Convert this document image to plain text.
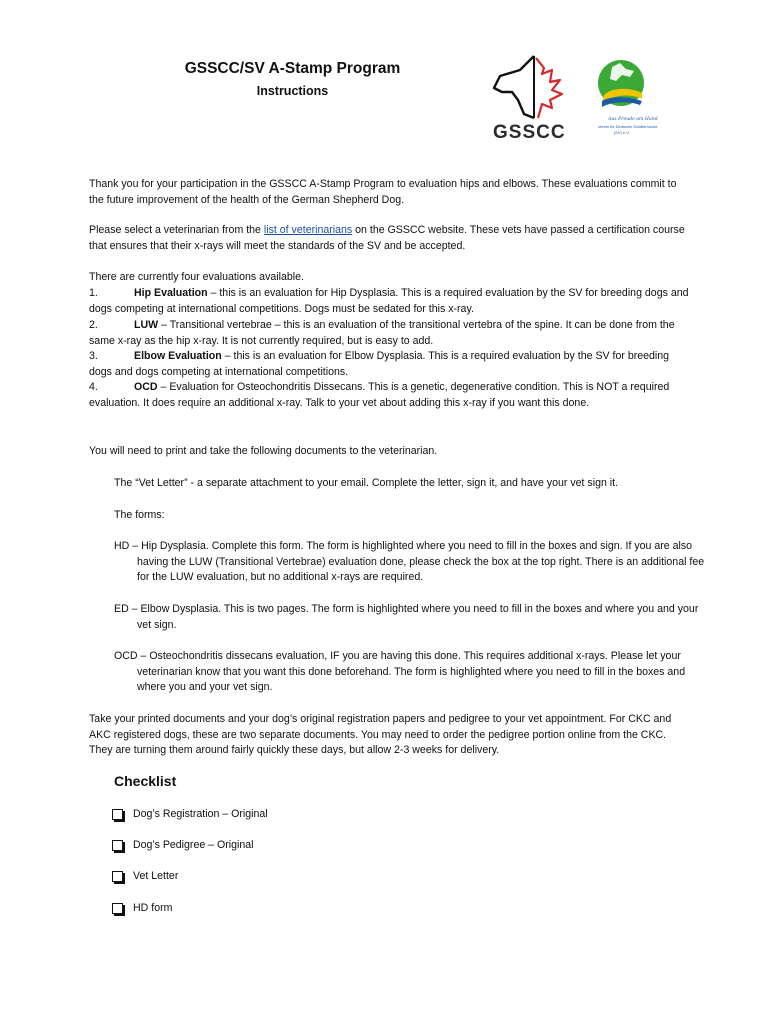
GSSCC/SV A-Stamp Program
Instructions
GSSCC
Aus Freude am Hund
Verein für Deutsche Schäferhunde
(SV) e.V.
Thank you for your participation in the GSSCC A-Stamp Program to evaluation hips and elbows. These evaluations commit to the future improvement of the health of the German Shepherd Dog.
Please select a veterinarian from the list of veterinarians on the GSSCC website. These vets have passed a certification course that ensures that their x-rays will meet the standards of the SV and be accepted.
There are currently four evaluations available.
1.	Hip Evaluation – this is an evaluation for Hip Dysplasia. This is a required evaluation by the SV for breeding dogs and dogs competing at international competitions. Dogs must be sedated for this x-ray.
2.	LUW – Transitional vertebrae – this is an evaluation of the transitional vertebra of the spine. It can be done from the same x-ray as the hip x-ray. It is not currently required, but is easy to add.
3.	Elbow Evaluation – this is an evaluation for Elbow Dysplasia. This is a required evaluation by the SV for breeding dogs and dogs competing at international competitions.
4.	OCD – Evaluation for Osteochondritis Dissecans. This is a genetic, degenerative condition. This is NOT a required evaluation. It does require an additional x-ray. Talk to your vet about adding this x-ray if you want this done.
You will need to print and take the following documents to the veterinarian.
The “Vet Letter” - a separate attachment to your email. Complete the letter, sign it, and have your vet sign it.
The forms:
HD – Hip Dysplasia. Complete this form. The form is highlighted where you need to fill in the boxes and sign. If you are also having the LUW (Transitional Vertebrae) evaluation done, please check the box at the top right. There is an additional fee for the LUW evaluation, but no additional x-rays are required.
ED – Elbow Dysplasia. This is two pages. The form is highlighted where you need to fill in the boxes and where you and your vet sign.
OCD – Osteochondritis dissecans evaluation, IF you are having this done. This requires additional x-rays. Please let your veterinarian know that you want this done beforehand. The form is highlighted where you need to fill in the boxes and where you and your vet sign.
Take your printed documents and your dog’s original registration papers and pedigree to your vet appointment. For CKC and AKC registered dogs, these are two separate documents. You may need to order the pedigree portion online from the CKC. They are turning them around fairly quickly these days, but allow 2-3 weeks for delivery.
Checklist
Dog’s Registration – Original
Dog’s Pedigree – Original
Vet Letter
HD form
